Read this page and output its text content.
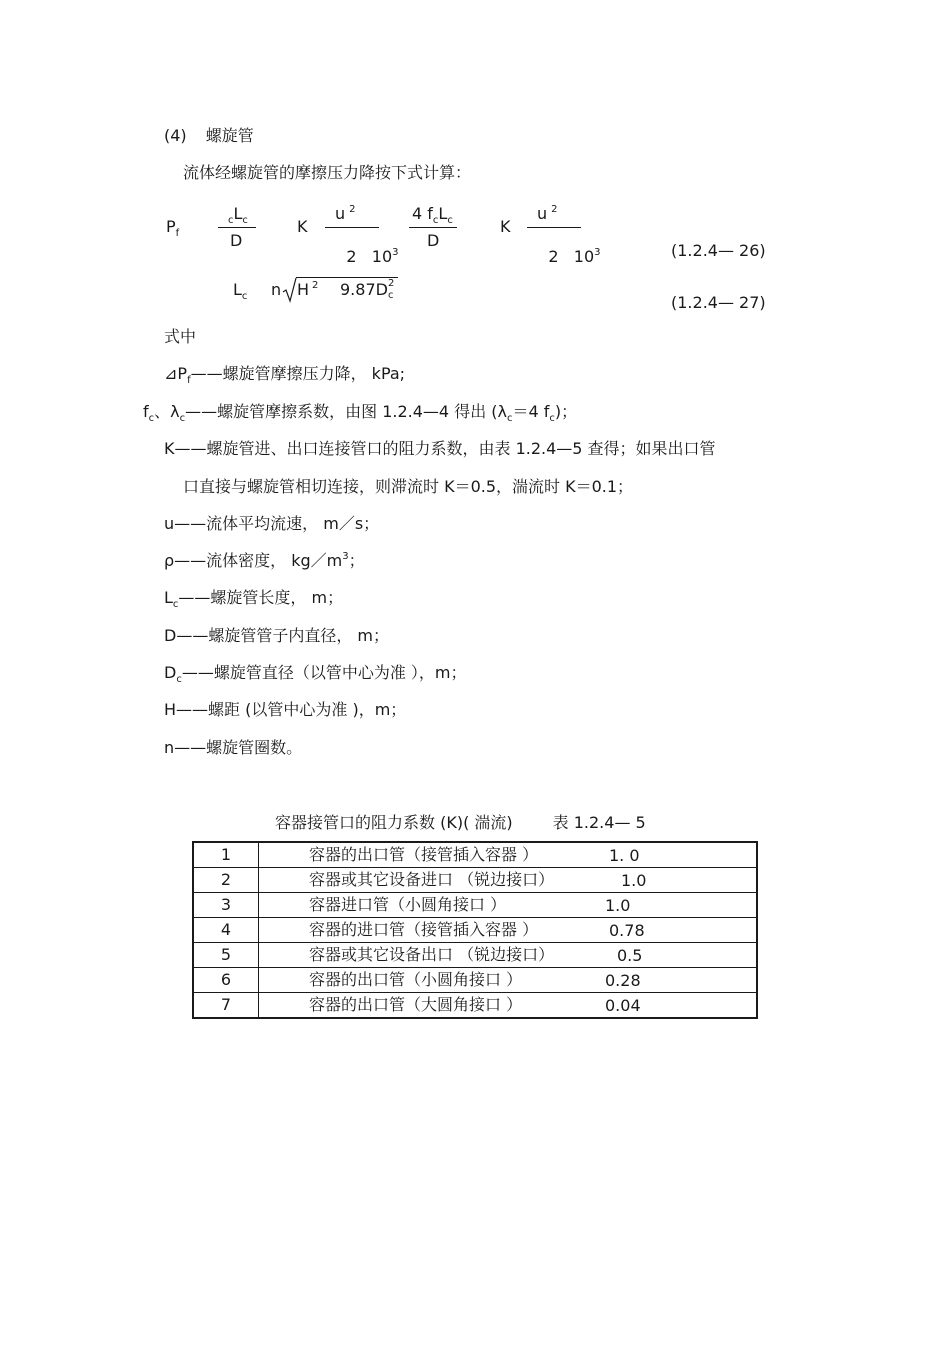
(4) 螺旋管
流体经螺旋管的摩擦压力降按下式计算：
$P_f$
$_cL_c$
D
K
u $^2$

2   $10^3$

4 $f_cL_c$
D
K
u $^2$

2   $10^3$
	(1.2.4— 26)
$L_c$ n H $^2$ 9.87D 2
c	(1.2.4— 27)
式中
$⊿P_f——$螺旋管摩擦压力降， kPa;
$f_c$、$\lambda_c——$螺旋管摩擦系数，由图 1.2.4—4 得出 ($\lambda_c=4$ $f_c$)；
K——螺旋管进、出口连接管口的阻力系数，由表 1.2.4—5 查得；如果出口管
口直接与螺旋管相切连接，则滞流时 K＝0.5，湍流时 K＝0.1；
u——流体平均流速， m／s；
ρ——流体密度， $kg/m^3$；
$L_c——$螺旋管长度， m；
D——螺旋管管子内直径， m；
$D_c——$螺旋管直径（以管中心为准 ），m；
H——螺距 (以管中心为准 )，m；
n——螺旋管圈数。
容器接管口的阻力系数 (K)( 湍流)	表 1.2.4— 5
1	容器的出口管（接管插入容器 ） 1. 0

2	容器或其它设备进口 （锐边接口） 1.0

3	容器进口管（小圆角接口 ） 1.0

4	容器的进口管（接管插入容器 ） 0.78

5	容器或其它设备出口 （锐边接口） 0.5

6	容器的出口管（小圆角接口 ） 0.28

7	容器的出口管（大圆角接口 ） 0.04
